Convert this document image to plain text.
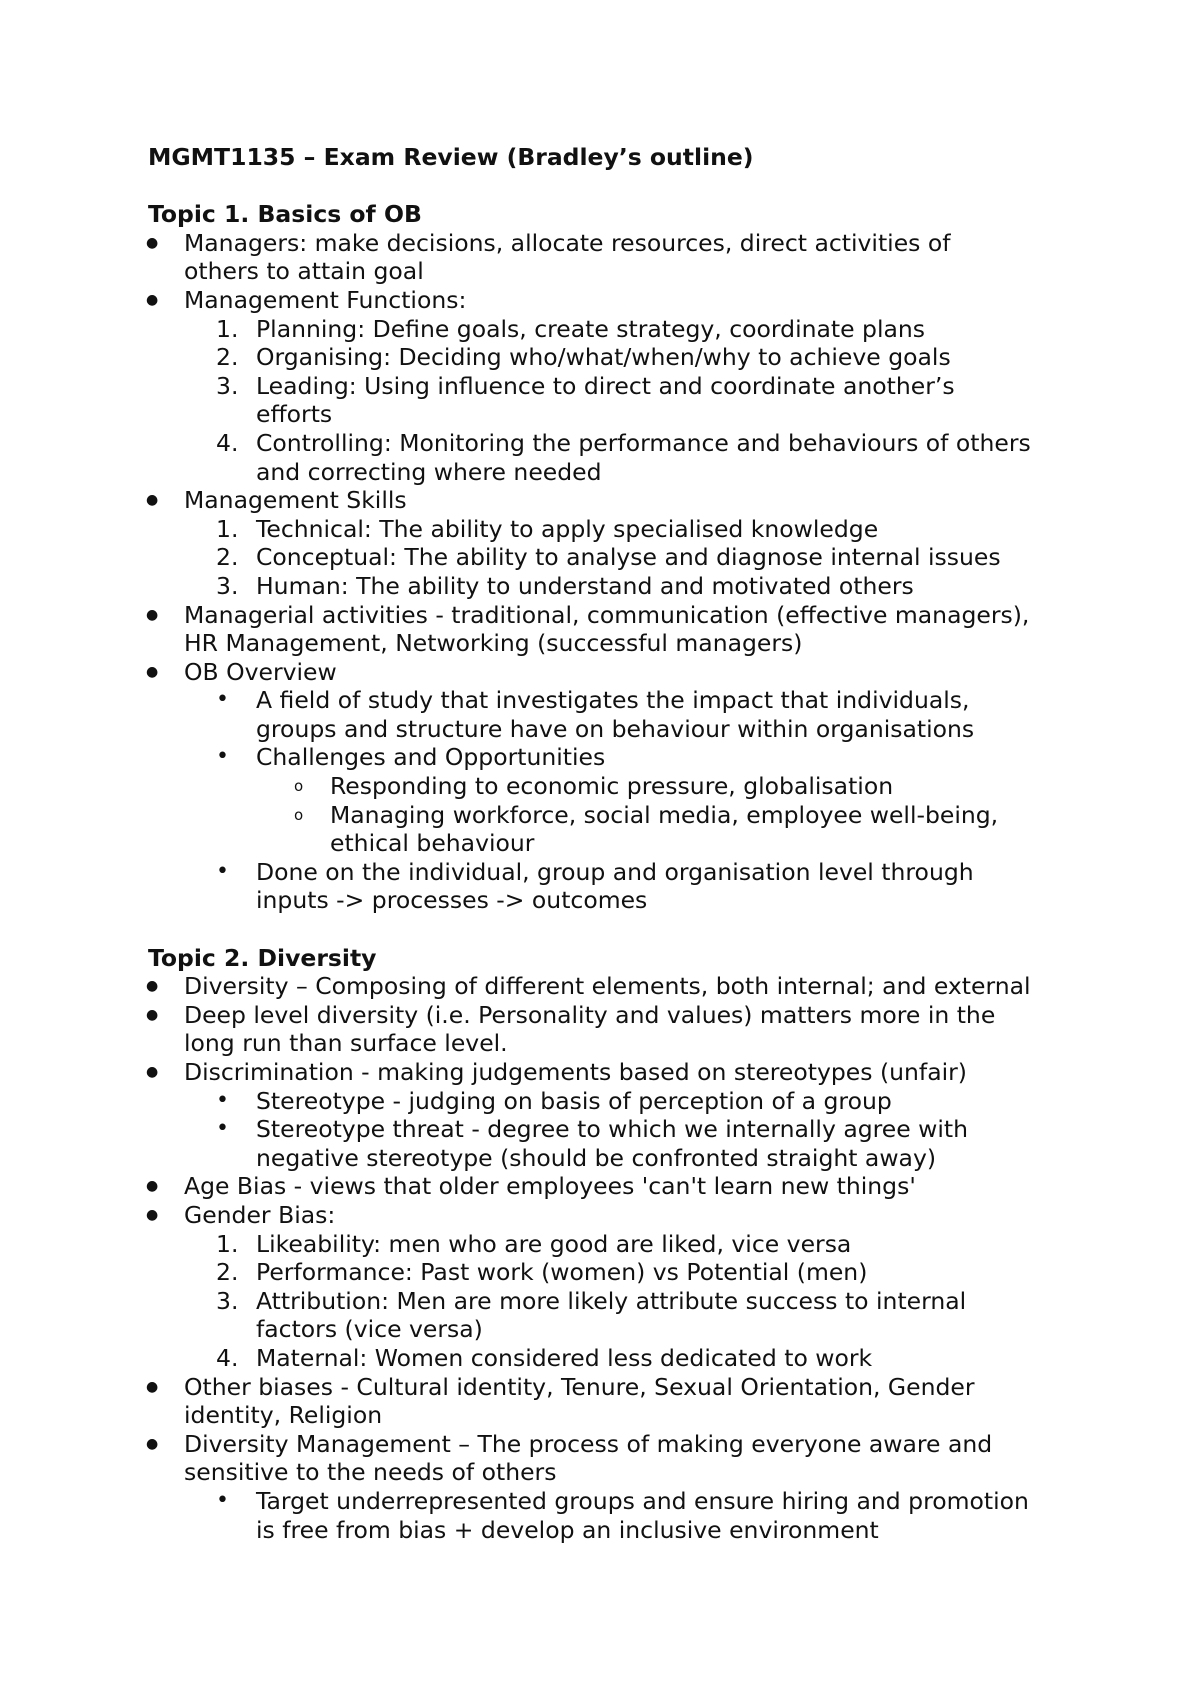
MGMT1135 – Exam Review (Bradley’s outline)
Topic 1. Basics of OB
● Managers: make decisions, allocate resources, direct activities of
others to attain goal
● Management Functions:
1. Planning: Define goals, create strategy, coordinate plans
2. Organising: Deciding who/what/when/why to achieve goals
3. Leading: Using influence to direct and coordinate another’s
efforts
4. Controlling: Monitoring the performance and behaviours of others
and correcting where needed
● Management Skills
1. Technical: The ability to apply specialised knowledge
2. Conceptual: The ability to analyse and diagnose internal issues
3. Human: The ability to understand and motivated others
● Managerial activities - traditional, communication (effective managers),
HR Management, Networking (successful managers)
● OB Overview
• A field of study that investigates the impact that individuals,
groups and structure have on behaviour within organisations
• Challenges and Opportunities
o Responding to economic pressure, globalisation
o Managing workforce, social media, employee well-being,
ethical behaviour
• Done on the individual, group and organisation level through
inputs -> processes -> outcomes
Topic 2. Diversity
● Diversity – Composing of different elements, both internal; and external
● Deep level diversity (i.e. Personality and values) matters more in the
long run than surface level.
● Discrimination - making judgements based on stereotypes (unfair)
• Stereotype - judging on basis of perception of a group
• Stereotype threat - degree to which we internally agree with
negative stereotype (should be confronted straight away)
● Age Bias - views that older employees 'can't learn new things'
● Gender Bias:
1. Likeability: men who are good are liked, vice versa
2. Performance: Past work (women) vs Potential (men)
3. Attribution: Men are more likely attribute success to internal
factors (vice versa)
4. Maternal: Women considered less dedicated to work
● Other biases - Cultural identity, Tenure, Sexual Orientation, Gender
identity, Religion
● Diversity Management – The process of making everyone aware and
sensitive to the needs of others
• Target underrepresented groups and ensure hiring and promotion
is free from bias + develop an inclusive environment
